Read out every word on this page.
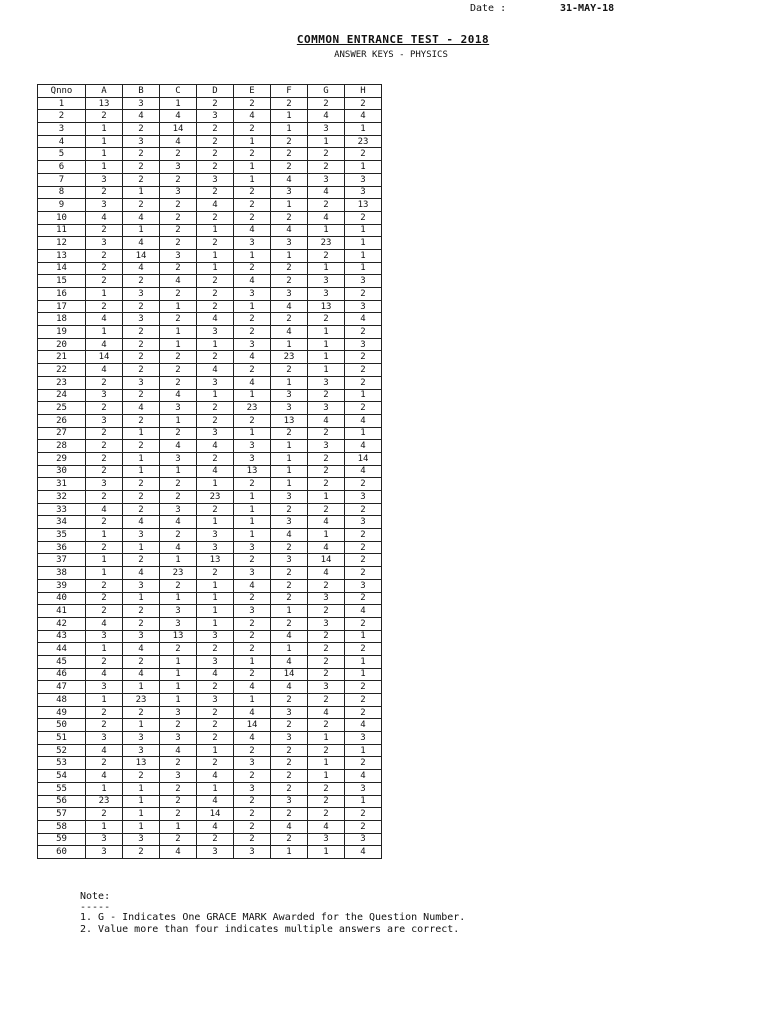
Date :	31-MAY-18
COMMON ENTRANCE TEST - 2018
ANSWER KEYS - PHYSICS
Qnno	A	B	C	D	E	F	G	H
1	13	3	1	2	2	2	2	2
2	2	4	4	3	4	1	4	4
3	1	2	14	2	2	1	3	1
4	1	3	4	2	1	2	1	23
5	1	2	2	2	2	2	2	2
6	1	2	3	2	1	2	2	1
7	3	2	2	3	1	4	3	3
8	2	1	3	2	2	3	4	3
9	3	2	2	4	2	1	2	13
10	4	4	2	2	2	2	4	2
11	2	1	2	1	4	4	1	1
12	3	4	2	2	3	3	23	1
13	2	14	3	1	1	1	2	1
14	2	4	2	1	2	2	1	1
15	2	2	4	2	4	2	3	3
16	1	3	2	2	3	3	3	2
17	2	2	1	2	1	4	13	3
18	4	3	2	4	2	2	2	4
19	1	2	1	3	2	4	1	2
20	4	2	1	1	3	1	1	3
21	14	2	2	2	4	23	1	2
22	4	2	2	4	2	2	1	2
23	2	3	2	3	4	1	3	2
24	3	2	4	1	1	3	2	1
25	2	4	3	2	23	3	3	2
26	3	2	1	2	2	13	4	4
27	2	1	2	3	1	2	2	1
28	2	2	4	4	3	1	3	4
29	2	1	3	2	3	1	2	14
30	2	1	1	4	13	1	2	4
31	3	2	2	1	2	1	2	2
32	2	2	2	23	1	3	1	3
33	4	2	3	2	1	2	2	2
34	2	4	4	1	1	3	4	3
35	1	3	2	3	1	4	1	2
36	2	1	4	3	3	2	4	2
37	1	2	1	13	2	3	14	2
38	1	4	23	2	3	2	4	2
39	2	3	2	1	4	2	2	3
40	2	1	1	1	2	2	3	2
41	2	2	3	1	3	1	2	4
42	4	2	3	1	2	2	3	2
43	3	3	13	3	2	4	2	1
44	1	4	2	2	2	1	2	2
45	2	2	1	3	1	4	2	1
46	4	4	1	4	2	14	2	1
47	3	1	1	2	4	4	3	2
48	1	23	1	3	1	2	2	2
49	2	2	3	2	4	3	4	2
50	2	1	2	2	14	2	2	4
51	3	3	3	2	4	3	1	3
52	4	3	4	1	2	2	2	1
53	2	13	2	2	3	2	1	2
54	4	2	3	4	2	2	1	4
55	1	1	2	1	3	2	2	3
56	23	1	2	4	2	3	2	1
57	2	1	2	14	2	2	2	2
58	1	1	1	4	2	4	4	2
59	3	3	2	2	2	2	3	3
60	3	2	4	3	3	1	1	4
Note:
-----
1. G - Indicates One GRACE MARK Awarded for the Question Number.
2. Value more than four indicates multiple answers are correct.
